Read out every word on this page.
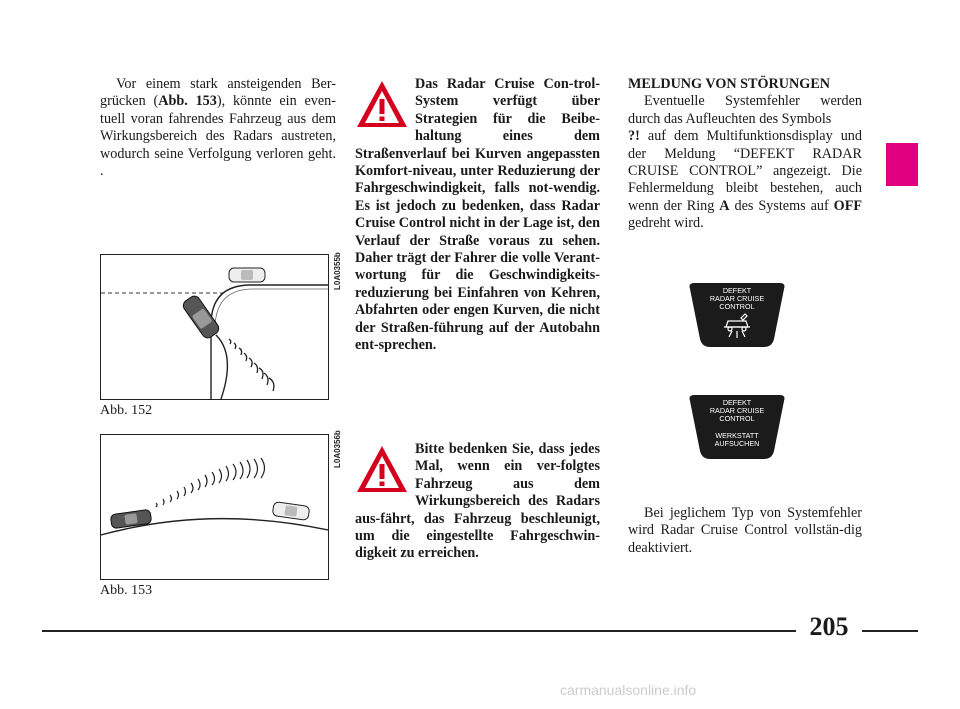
Vor einem stark ansteigenden Ber-grücken (Abb. 153), könnte ein even-tuell voran fahrendes Fahrzeug aus dem Wirkungsbereich des Radars austreten, wodurch seine Verfolgung verloren geht. .

L0A0355b
Abb. 152
L0A0356b
Abb. 153

Das Radar Cruise Con-trol-System verfügt über Strategien für die Beibe-haltung eines dem Straßenverlauf bei Kurven angepassten Komfort-niveau, unter Reduzierung der Fahrgeschwindigkeit, falls not-wendig. Es ist jedoch zu bedenken, dass Radar Cruise Control nicht in der Lage ist, den Verlauf der Straße voraus zu sehen. Daher trägt der Fahrer die volle Verant-wortung für die Geschwindigkeits-reduzierung bei Einfahren von Kehren, Abfahrten oder engen Kurven, die nicht der Straßen-führung auf der Autobahn ent-sprechen.

Bitte bedenken Sie, dass jedes Mal, wenn ein ver-folgtes Fahrzeug aus dem Wirkungsbereich des Radars aus-fährt, das Fahrzeug beschleunigt, um die eingestellte Fahrgeschwin-digkeit zu erreichen.

MELDUNG VON STÖRUNGEN

Eventuelle Systemfehler werden durch das Aufleuchten des Symbols
?! auf dem Multifunktionsdisplay und der Meldung “DEFEKT RADAR CRUISE CONTROL” angezeigt. Die Fehlermeldung bleibt bestehen, auch wenn der Ring A des Systems auf OFF gedreht wird.

DEFEKT
RADAR CRUISE
CONTROL
DEFEKT
RADAR CRUISE
CONTROL
WERKSTATT
AUFSUCHEN

Bei jeglichem Typ von Systemfehler wird Radar Cruise Control vollstän-dig deaktiviert.

205
carmanualsonline.info
